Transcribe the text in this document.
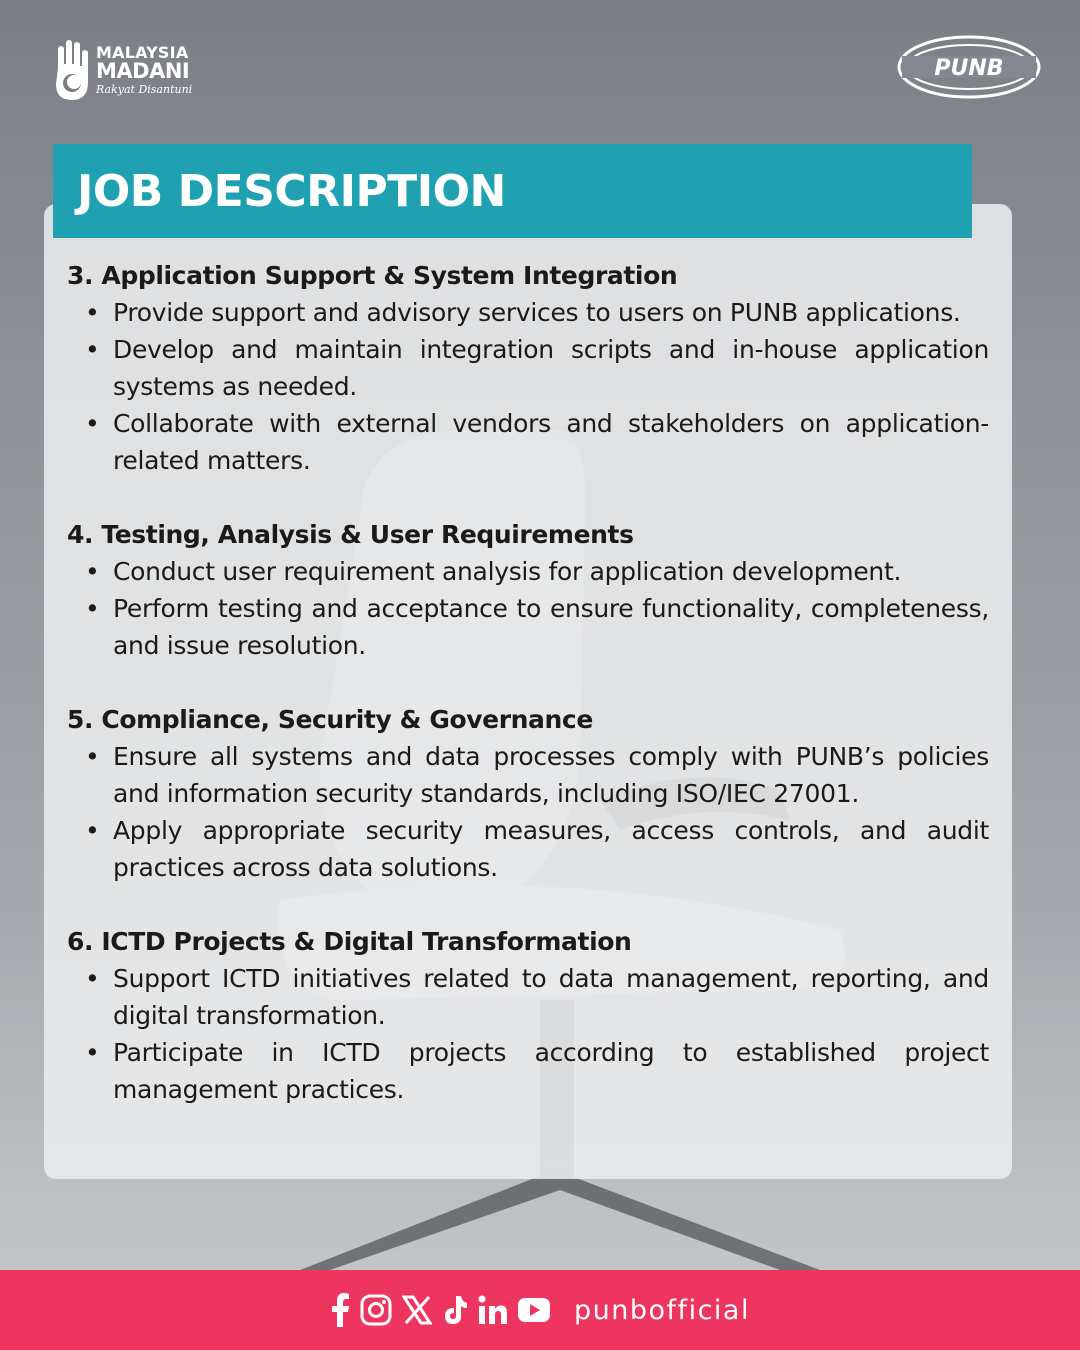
MALAYSIA
MADANI
Rakyat Disantuni
PUNB
JOB DESCRIPTION
3. Application Support & System Integration
• Provide support and advisory services to users on PUNB applications.
• Develop and maintain integration scripts and in-house application systems as needed.
• Collaborate with external vendors and stakeholders on application-related matters.
4. Testing, Analysis & User Requirements
• Conduct user requirement analysis for application development.
• Perform testing and acceptance to ensure functionality, completeness, and issue resolution.
5. Compliance, Security & Governance
• Ensure all systems and data processes comply with PUNB’s policies and information security standards, including ISO/IEC 27001.
• Apply appropriate security measures, access controls, and audit practices across data solutions.
6. ICTD Projects & Digital Transformation
• Support ICTD initiatives related to data management, reporting, and digital transformation.
• Participate in ICTD projects according to established project management practices.
punbofficial
